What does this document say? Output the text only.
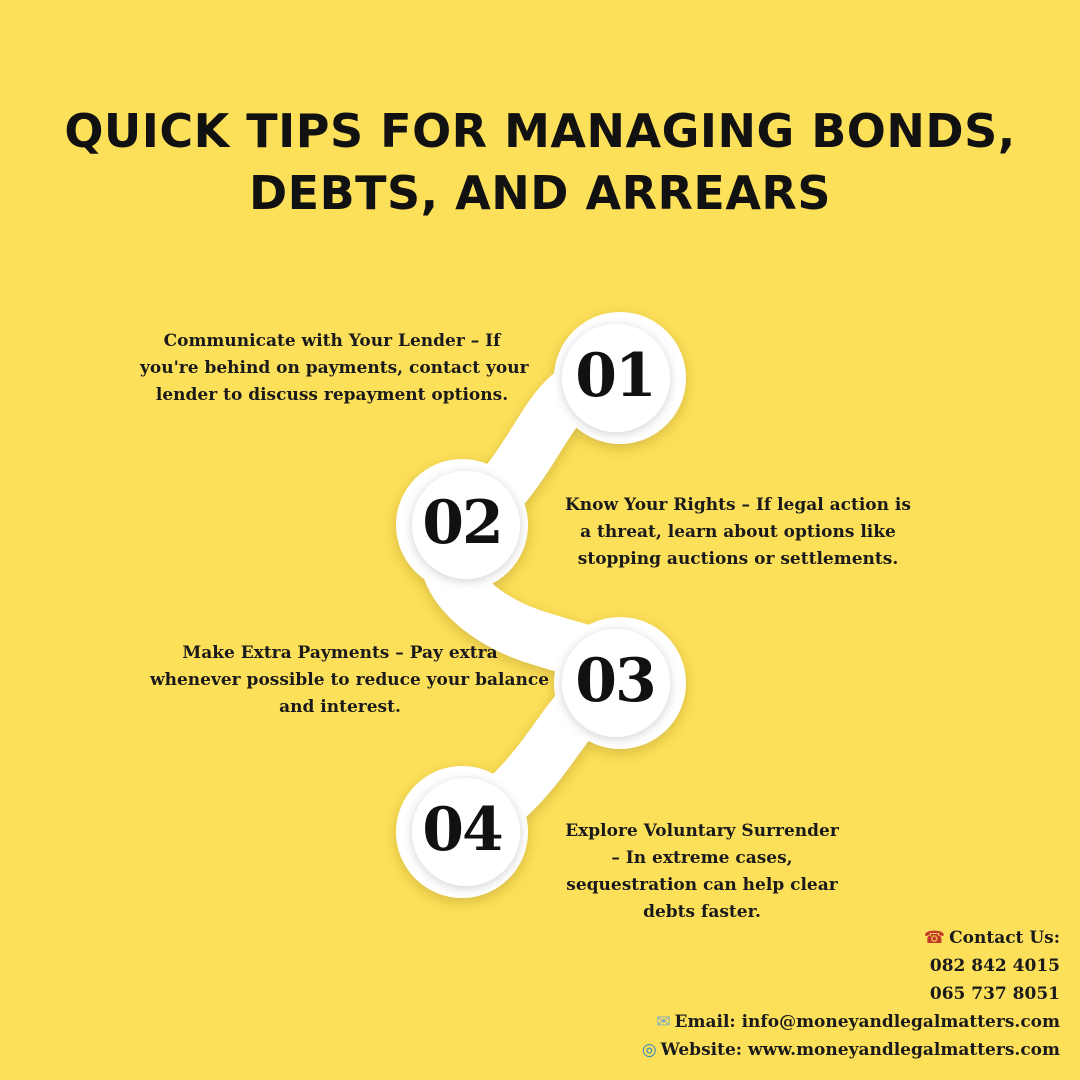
QUICK TIPS FOR MANAGING BONDS,
DEBTS, AND ARREARS
01
02
03
04
Communicate with Your Lender – If
you're behind on payments, contact your
lender to discuss repayment options.
Know Your Rights – If legal action is
a threat, learn about options like
stopping auctions or settlements.
Make Extra Payments – Pay extra
whenever possible to reduce your balance
and interest.
Explore Voluntary Surrender
– In extreme cases,
sequestration can help clear
debts faster.
☎ Contact Us:
082 842 4015
065 737 8051
✉ Email: info@moneyandlegalmatters.com
◎ Website: www.moneyandlegalmatters.com
